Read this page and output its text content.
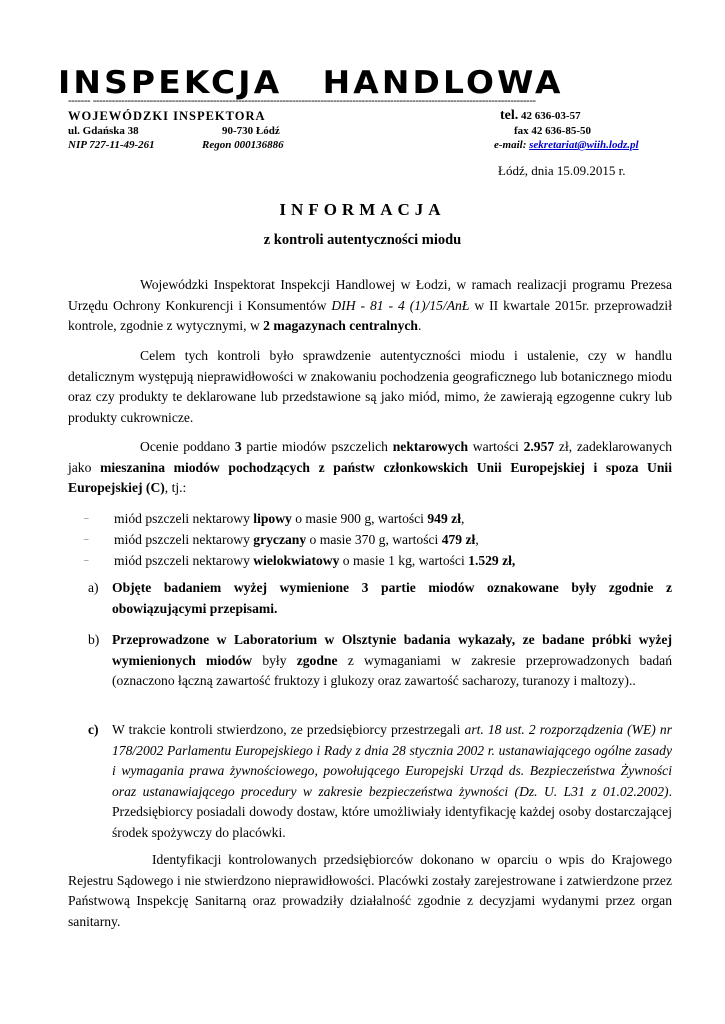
INSPEKCJA HANDLOWA
------- --------------------------------------------------------------------------------------------------------------------------------------------
WOJEWÓDZKI INSPEKTORA	tel. 42 636-03-57
ul. Gdańska 38	90-730 Łódź	fax 42 636-85-50
NIP 727-11-49-261	Regon 000136886	e-mail: sekretariat@wiih.lodz.pl
Łódź, dnia 15.09.2015 r.
INFORMACJA
z kontroli autentyczności miodu
Wojewódzki Inspektorat Inspekcji Handlowej w Łodzi, w ramach realizacji programu Prezesa Urzędu Ochrony Konkurencji i Konsumentów DIH - 81 - 4 (1)/15/AnŁ w II kwartale 2015r. przeprowadził kontrole, zgodnie z wytycznymi, w 2 magazynach centralnych.
Celem tych kontroli było sprawdzenie autentyczności miodu i ustalenie, czy w handlu detalicznym występują nieprawidłowości w znakowaniu pochodzenia geograficznego lub botanicznego miodu oraz czy produkty te deklarowane lub przedstawione są jako miód, mimo, że zawierają egzogenne cukry lub produkty cukrownicze.
Ocenie poddano 3 partie miodów pszczelich nektarowych wartości 2.957 zł, zadeklarowanych jako mieszanina miodów pochodzących z państw członkowskich Unii Europejskiej i spoza Unii Europejskiej (C), tj.:
–	miód pszczeli nektarowy lipowy o masie 900 g, wartości 949 zł,
–	miód pszczeli nektarowy gryczany o masie 370 g, wartości 479 zł,
–	miód pszczeli nektarowy wielokwiatowy o masie 1 kg, wartości 1.529 zł,
a) Objęte badaniem wyżej wymienione 3 partie miodów oznakowane były zgodnie z obowiązującymi przepisami.
b) Przeprowadzone w Laboratorium w Olsztynie badania wykazały, ze badane próbki wyżej wymienionych miodów były zgodne z wymaganiami w zakresie przeprowadzonych badań (oznaczono łączną zawartość fruktozy i glukozy oraz zawartość sacharozy, turanozy i maltozy)..
c) W trakcie kontroli stwierdzono, ze przedsiębiorcy przestrzegali art. 18 ust. 2 rozporządzenia (WE) nr 178/2002 Parlamentu Europejskiego i Rady z dnia 28 stycznia 2002 r. ustanawiającego ogólne zasady i wymagania prawa żywnościowego, powołującego Europejski Urząd ds. Bezpieczeństwa Żywności oraz ustanawiającego procedury w zakresie bezpieczeństwa żywności (Dz. U. L31 z 01.02.2002). Przedsiębiorcy posiadali dowody dostaw, które umożliwiały identyfikację każdej osoby dostarczającej środek spożywczy do placówki.
Identyfikacji kontrolowanych przedsiębiorców dokonano w oparciu o wpis do Krajowego Rejestru Sądowego i nie stwierdzono nieprawidłowości. Placówki zostały zarejestrowane i zatwierdzone przez Państwową Inspekcję Sanitarną oraz prowadziły działalność zgodnie z decyzjami wydanymi przez organ sanitarny.
